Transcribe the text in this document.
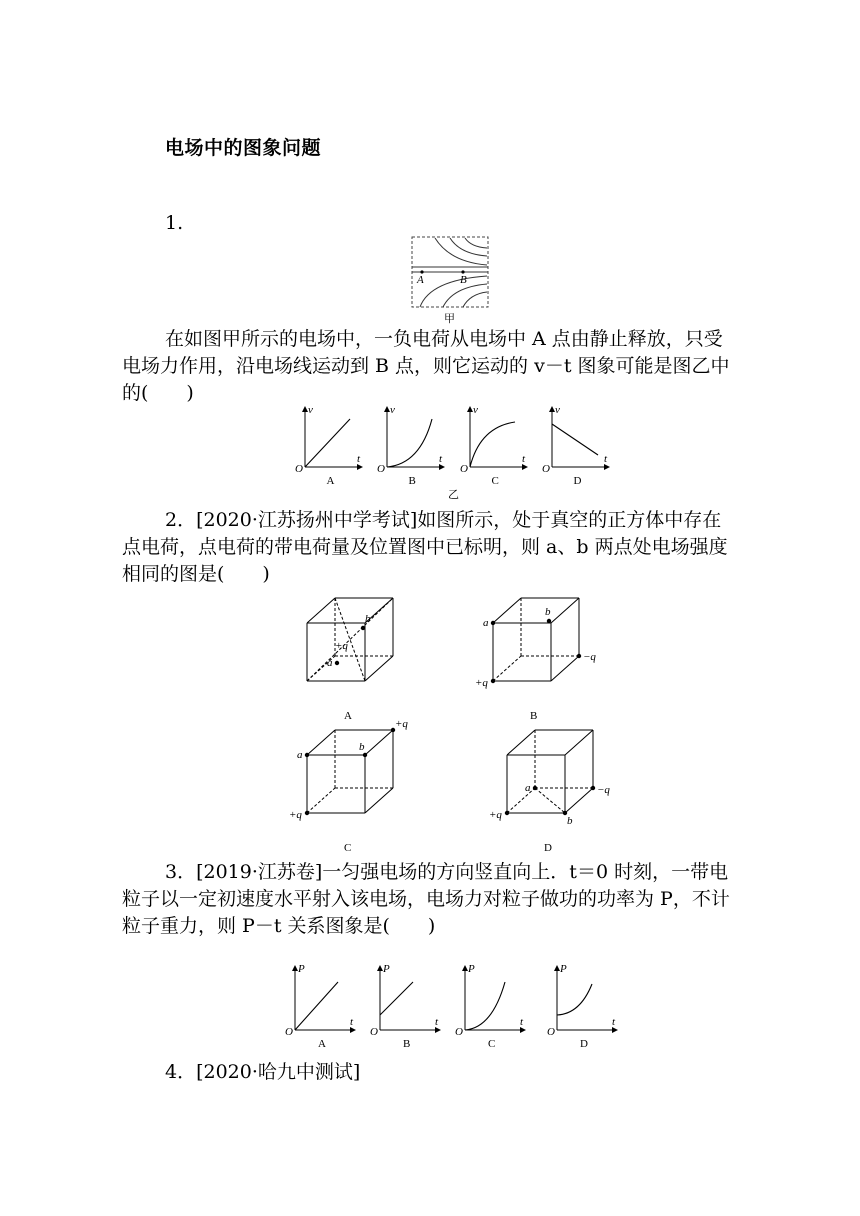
电场中的图象问题
1.
A	B
甲
在如图甲所示的电场中，一负电荷从电场中 A 点由静止释放，只受电场力作用，沿电场线运动到 B 点，则它运动的 v－t 图象可能是图乙中的(　　)
v
t
O
A
v
t
O
B
v
t
O
C
v
t
O
D
乙
2．[2020·江苏扬州中学考试]如图所示，处于真空的正方体中存在点电荷，点电荷的带电荷量及位置图中已标明，则 a、b 两点处电场强度相同的图是(　　)
A
b
+q
a
B
a
b
+q
−q
C
a
b
+q
+q
D
a
b
+q
−q
3．[2019·江苏卷]一匀强电场的方向竖直向上．t＝0 时刻，一带电粒子以一定初速度水平射入该电场，电场力对粒子做功的功率为 P，不计粒子重力，则 P－t 关系图象是(　　)
P
t
O
A
P
t
O
B
P
t
O
C
P
t
O
D
4．[2020·哈九中测试]
